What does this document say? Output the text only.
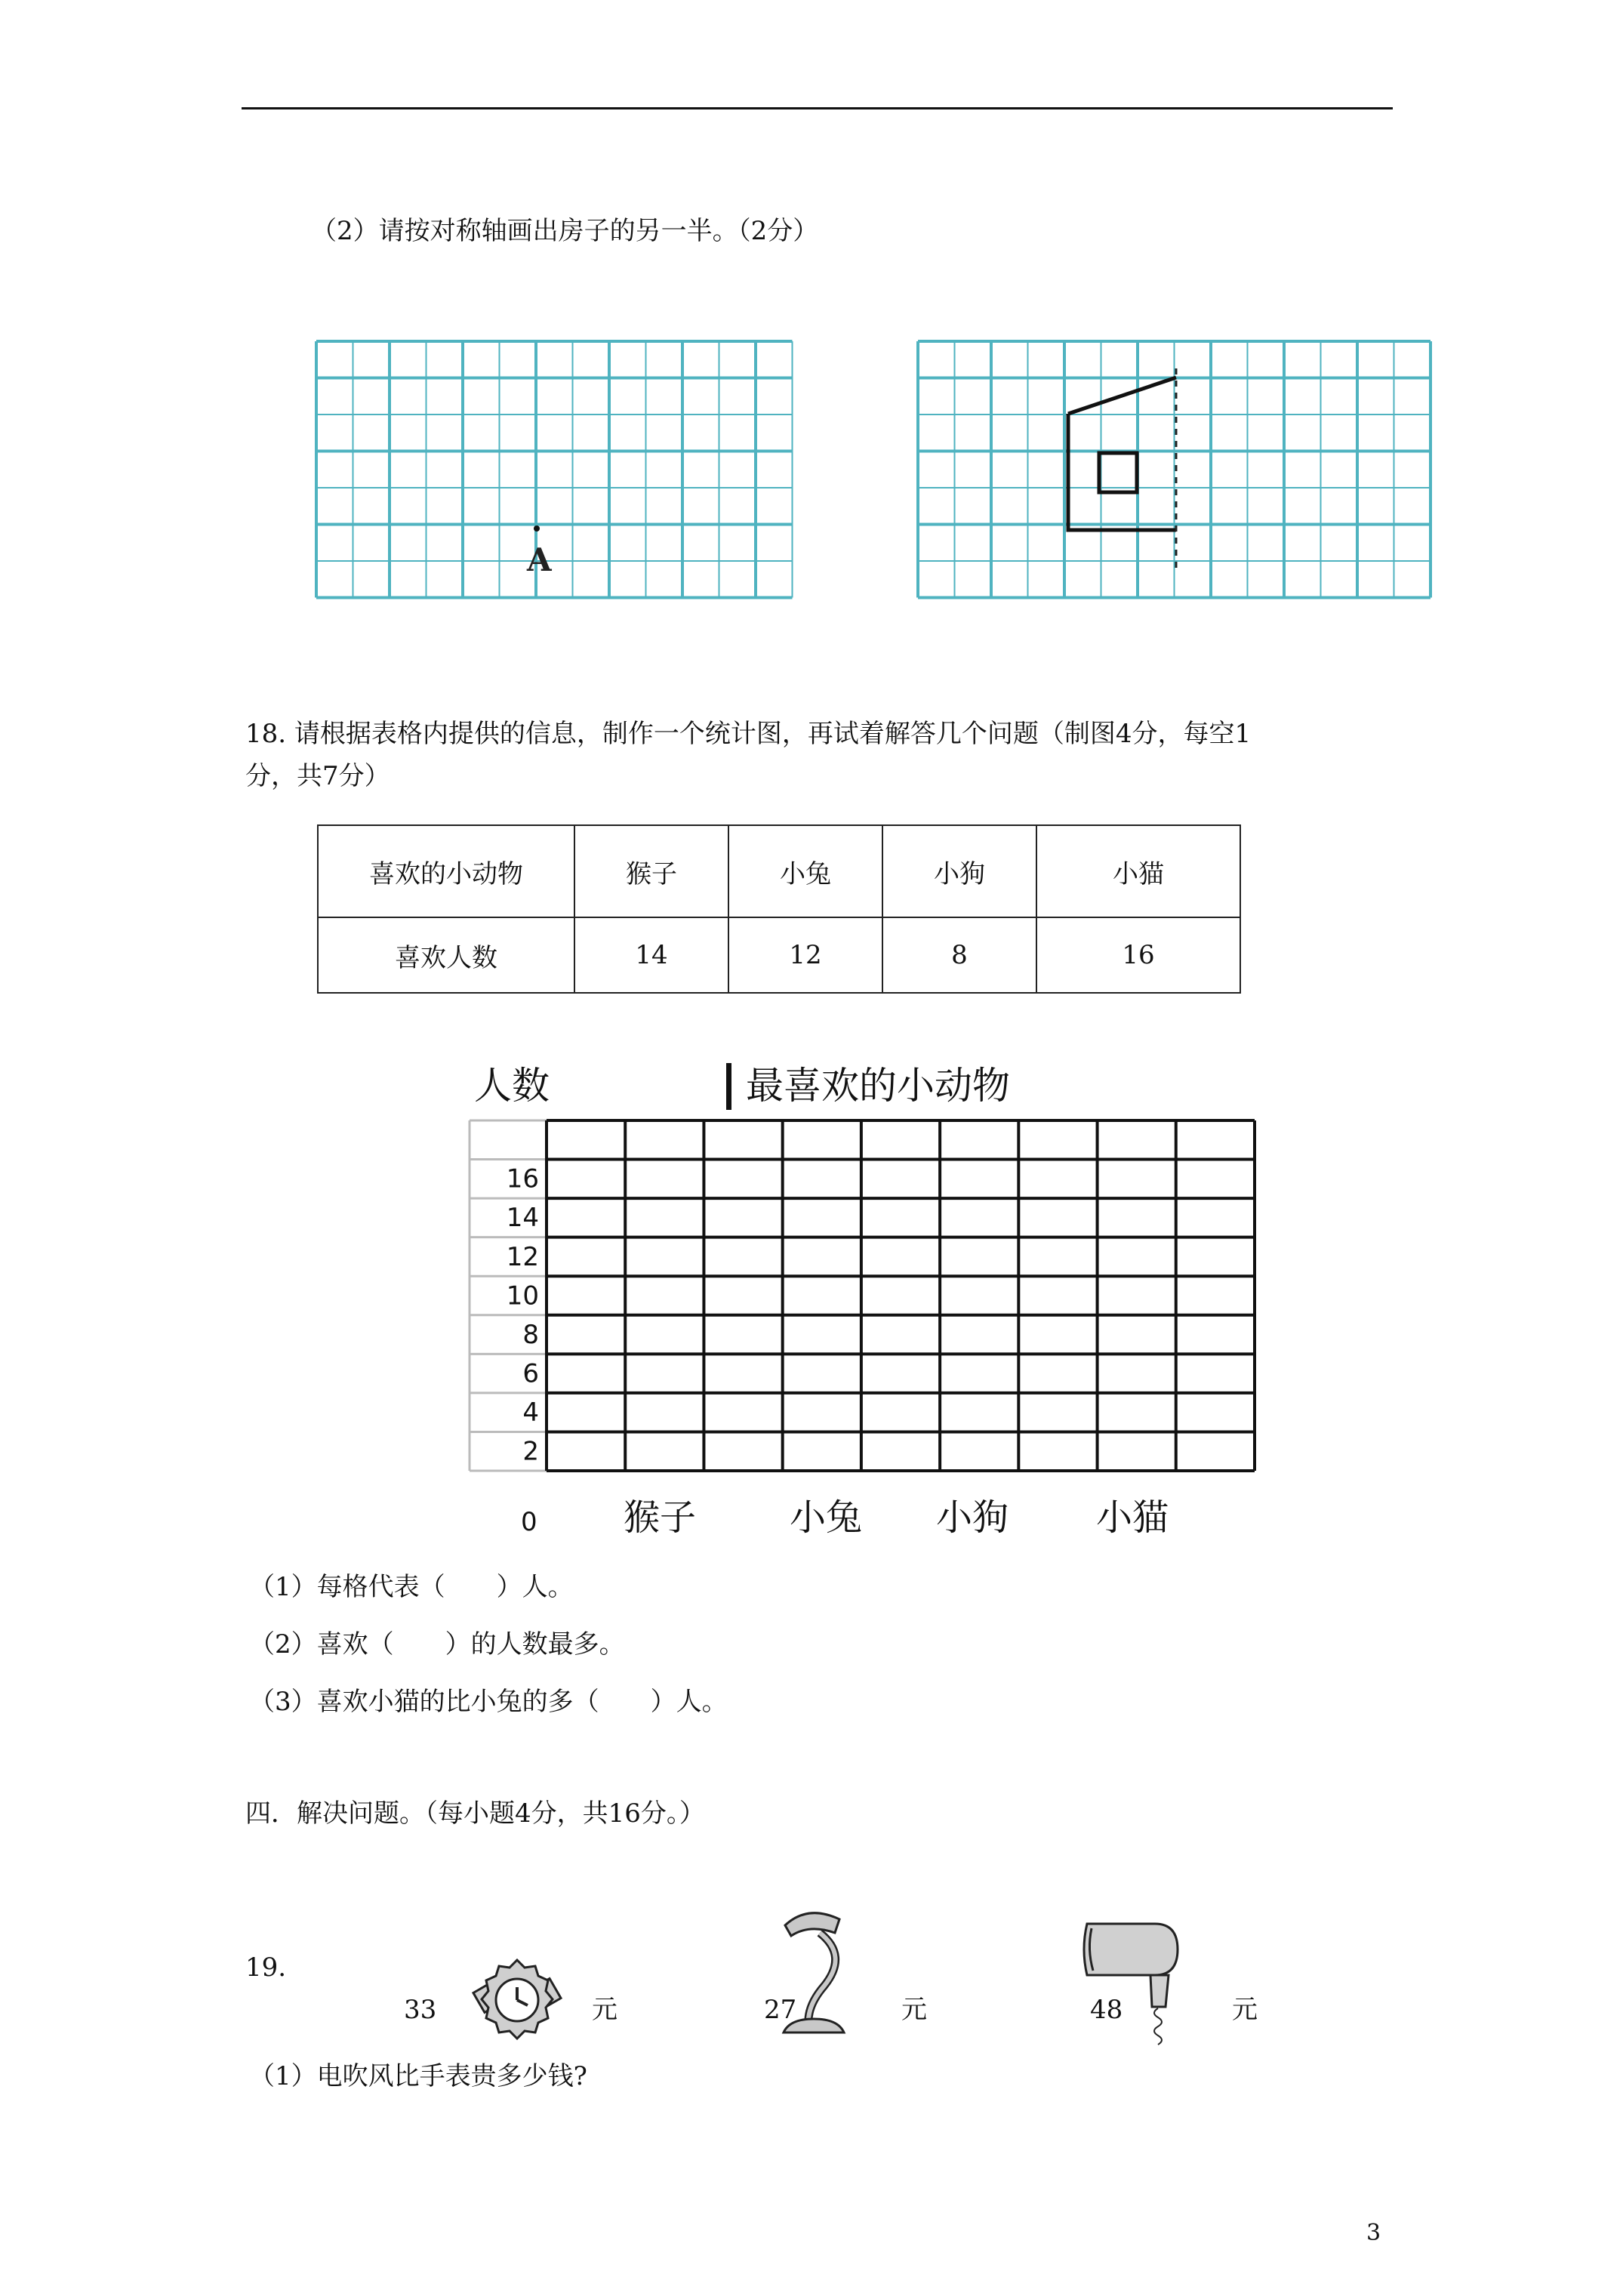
（2）请按对称轴画出房子的另一半。（2分）
A
18. 请根据表格内提供的信息，制作一个统计图，再试着解答几个问题（制图4分，每空1
分，共7分）
喜欢的小动物	猴子	小兔	小狗	小猫
喜欢人数	14	12	8	16
人数	最喜欢的小动物
16
14
12
10
8
6
4
2
0 猴子	小兔 小狗 小猫
（1）每格代表（　　）人。
（2）喜欢（　　）的人数最多。
（3）喜欢小猫的比小兔的多（　　）人。
四．解决问题。（每小题4分，共16分。）
19.
33	元	27	元	48	元
（1）电吹风比手表贵多少钱?
3
